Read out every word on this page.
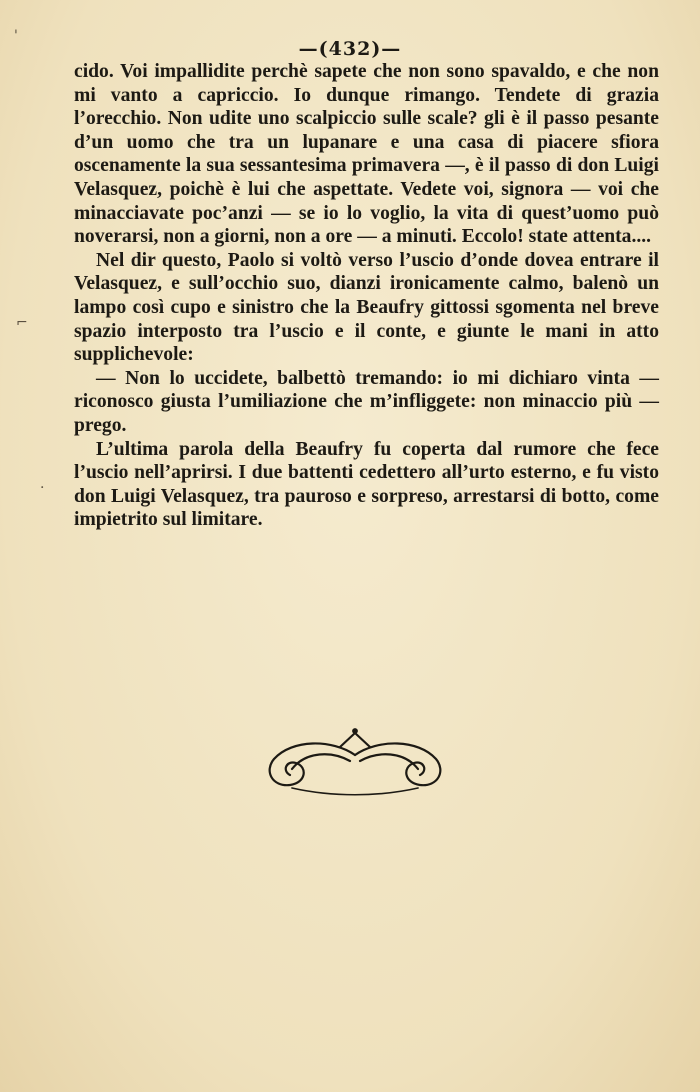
'
⌐
·
—(432)—

cido. Voi impallidite perchè sapete che non sono spavaldo, e che non mi vanto a capriccio. Io dunque rimango. Tendete di grazia l’orecchio. Non udite uno scalpiccio sulle scale? gli è il passo pesante d’un uomo che tra un lupanare e una casa di piacere sfiora oscenamente la sua sessantesima primavera —, è il passo di don Luigi Velasquez, poichè è lui che aspettate. Vedete voi, signora — voi che minacciavate poc’anzi — se io lo voglio, la vita di quest’uomo può noverarsi, non a giorni, non a ore — a minuti. Eccolo! state attenta....

Nel dir questo, Paolo si voltò verso l’uscio d’onde dovea entrare il Velasquez, e sull’occhio suo, dianzi ironicamente calmo, balenò un lampo così cupo e sinistro che la Beaufry gittossi sgomenta nel breve spazio interposto tra l’uscio e il conte, e giunte le mani in atto supplichevole:

— Non lo uccidete, balbettò tremando: io mi dichiaro vinta — riconosco giusta l’umiliazione che m’infliggete: non minaccio più — prego.

L’ultima parola della Beaufry fu coperta dal rumore che fece l’uscio nell’aprirsi. I due battenti cedettero all’urto esterno, e fu visto don Luigi Velasquez, tra pauroso e sorpreso, arrestarsi di botto, come impietrito sul limitare.
